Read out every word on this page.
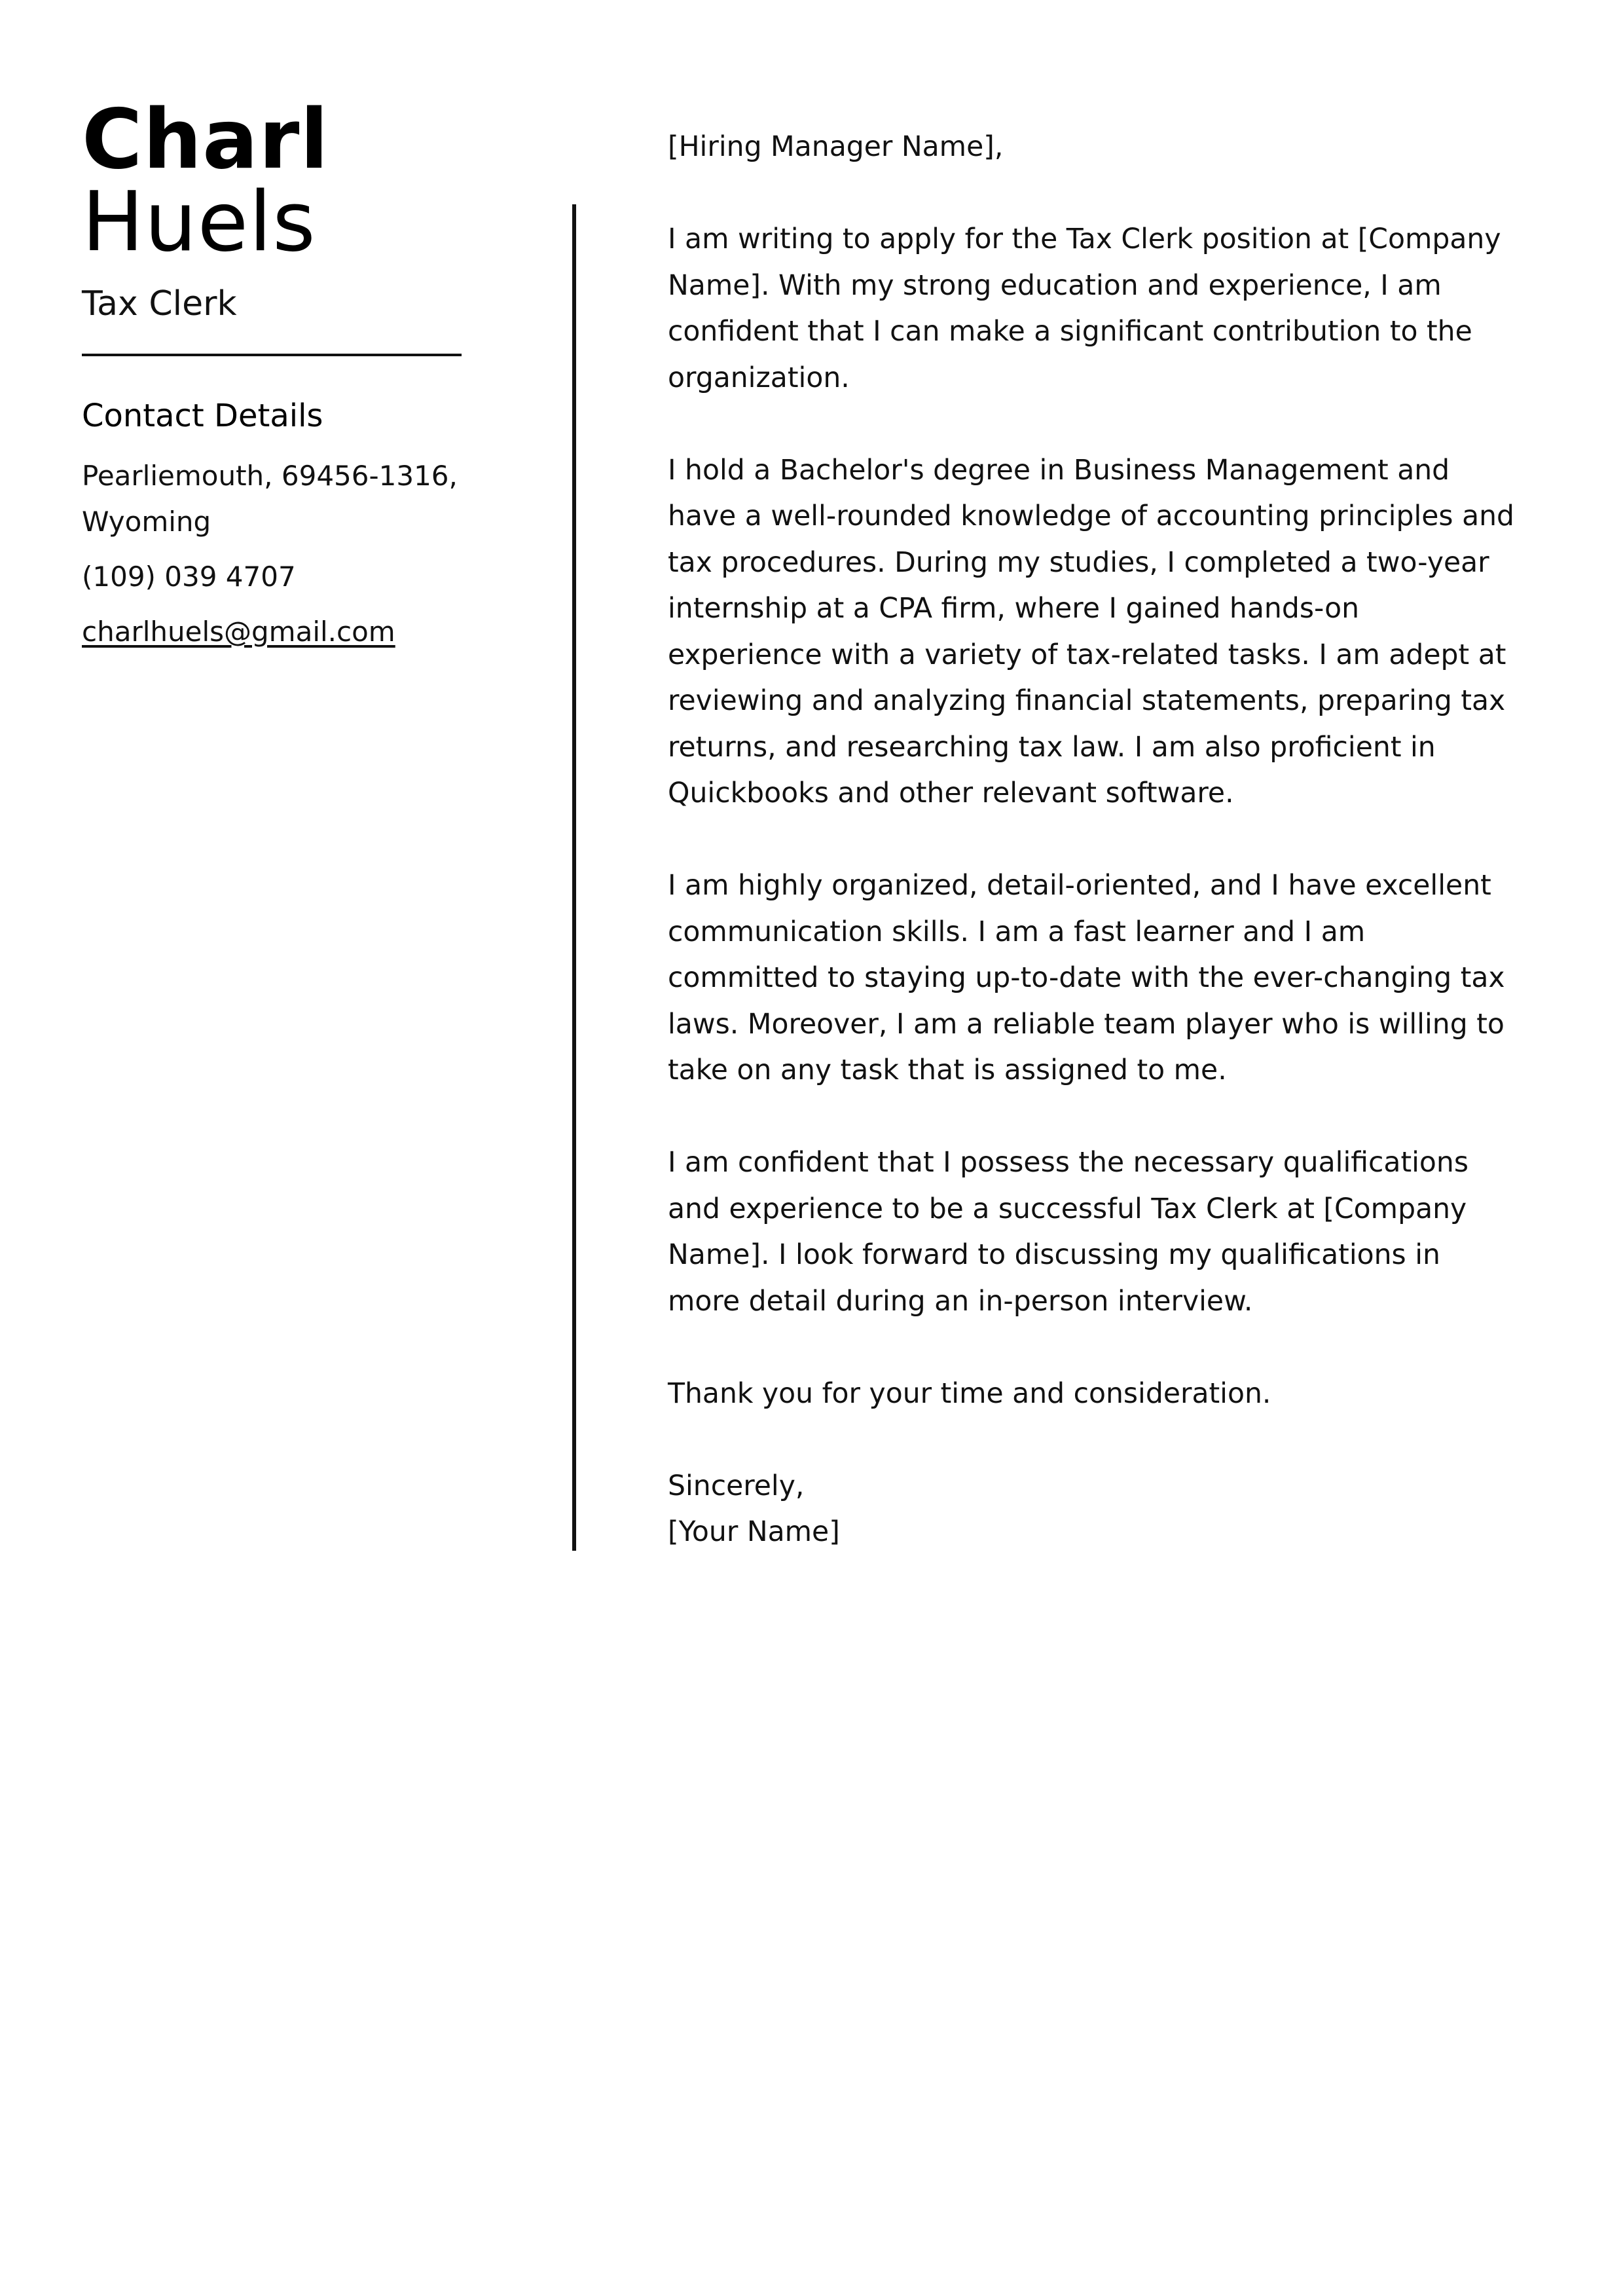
Charl
Huels
Tax Clerk
Contact Details
Pearliemouth, 69456-1316, Wyoming
(109) 039 4707
charlhuels@gmail.com

[Hiring Manager Name],

I am writing to apply for the Tax Clerk position at [Company Name]. With my strong education and experience, I am confident that I can make a significant contribution to the organization.

I hold a Bachelor's degree in Business Management and have a well-rounded knowledge of accounting principles and tax procedures. During my studies, I completed a two-year internship at a CPA firm, where I gained hands-on experience with a variety of tax-related tasks. I am adept at reviewing and analyzing financial statements, preparing tax returns, and researching tax law. I am also proficient in Quickbooks and other relevant software.

I am highly organized, detail-oriented, and I have excellent communication skills. I am a fast learner and I am committed to staying up-to-date with the ever-changing tax laws. Moreover, I am a reliable team player who is willing to take on any task that is assigned to me.

I am confident that I possess the necessary qualifications and experience to be a successful Tax Clerk at [Company Name]. I look forward to discussing my qualifications in more detail during an in-person interview.

Thank you for your time and consideration.

Sincerely,

[Your Name]
